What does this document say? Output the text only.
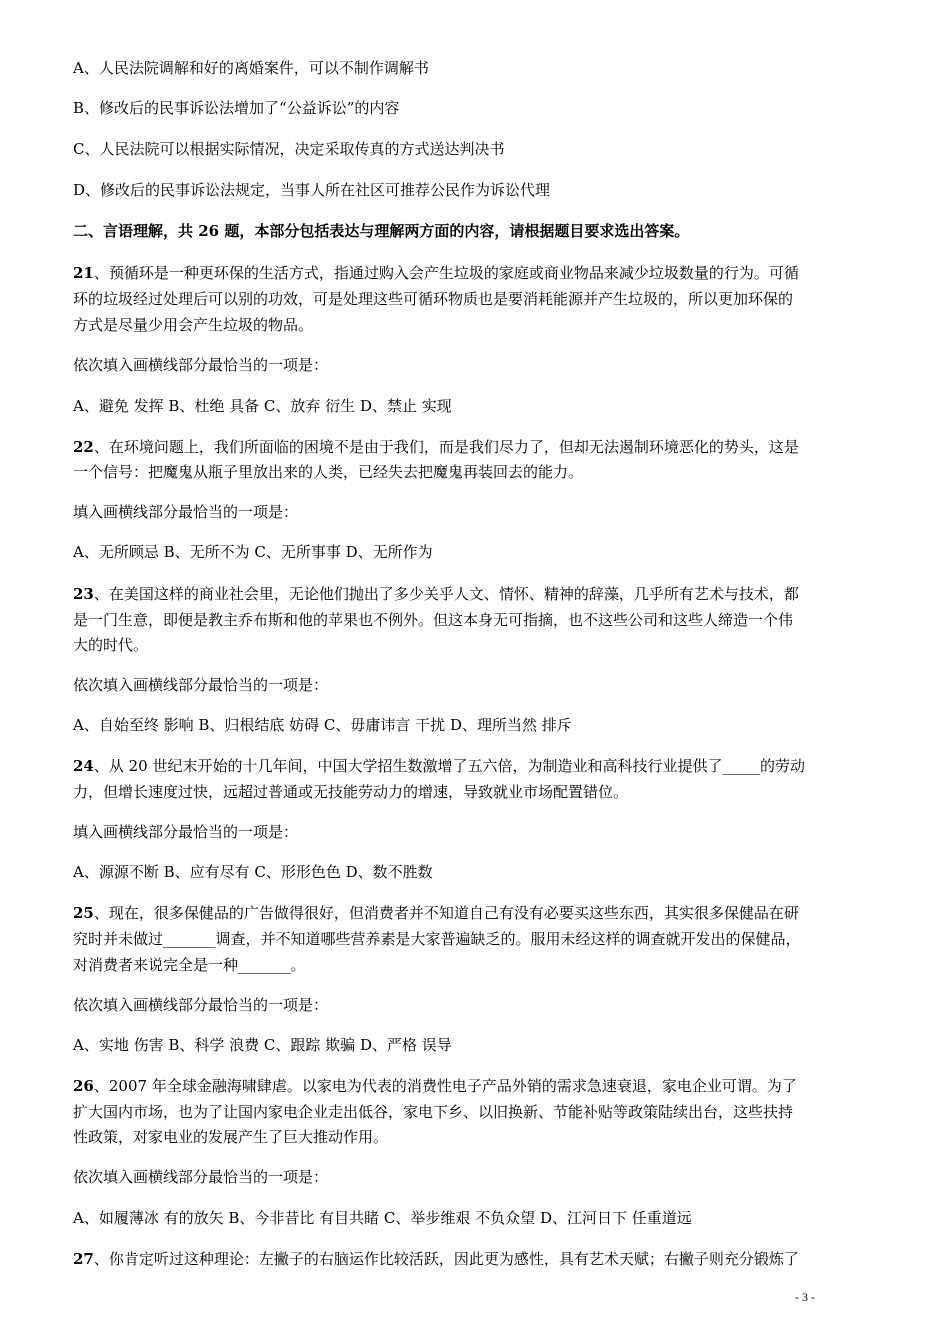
A、人民法院调解和好的离婚案件，可以不制作调解书
B、修改后的民事诉讼法增加了“公益诉讼”的内容
C、人民法院可以根据实际情况，决定采取传真的方式送达判决书
D、修改后的民事诉讼法规定，当事人所在社区可推荐公民作为诉讼代理
二、言语理解，共 26 题，本部分包括表达与理解两方面的内容，请根据题目要求选出答案。
21、预循环是一种更环保的生活方式，指通过购入会产生垃圾的家庭或商业物品来减少垃圾数量的行为。可循
环的垃圾经过处理后可以别的功效，可是处理这些可循环物质也是要消耗能源并产生垃圾的，所以更加环保的
方式是尽量少用会产生垃圾的物品。
依次填入画横线部分最恰当的一项是：
A、避免 发挥 B、杜绝 具备 C、放弃 衍生 D、禁止 实现
22、在环境问题上，我们所面临的困境不是由于我们，而是我们尽力了，但却无法遏制环境恶化的势头，这是
一个信号：把魔鬼从瓶子里放出来的人类，已经失去把魔鬼再装回去的能力。
填入画横线部分最恰当的一项是：
A、无所顾忌 B、无所不为 C、无所事事 D、无所作为
23、在美国这样的商业社会里，无论他们抛出了多少关乎人文、情怀、精神的辞藻，几乎所有艺术与技术，都
是一门生意，即便是教主乔布斯和他的苹果也不例外。但这本身无可指摘，也不这些公司和这些人缔造一个伟
大的时代。
依次填入画横线部分最恰当的一项是：
A、自始至终 影响 B、归根结底 妨碍 C、毋庸讳言 干扰 D、理所当然 排斥
24、从 20 世纪末开始的十几年间，中国大学招生数激增了五六倍，为制造业和高科技行业提供了_____的劳动
力，但增长速度过快，远超过普通或无技能劳动力的增速，导致就业市场配置错位。
填入画横线部分最恰当的一项是：
A、源源不断 B、应有尽有 C、形形色色 D、数不胜数
25、现在，很多保健品的广告做得很好，但消费者并不知道自己有没有必要买这些东西，其实很多保健品在研
究时并未做过_______调查，并不知道哪些营养素是大家普遍缺乏的。服用未经这样的调查就开发出的保健品，
对消费者来说完全是一种_______。
依次填入画横线部分最恰当的一项是：
A、实地 伤害 B、科学 浪费 C、跟踪 欺骗 D、严格 误导
26、2007 年全球金融海啸肆虐。以家电为代表的消费性电子产品外销的需求急速衰退，家电企业可谓。为了
扩大国内市场，也为了让国内家电企业走出低谷，家电下乡、以旧换新、节能补贴等政策陆续出台，这些扶持
性政策，对家电业的发展产生了巨大推动作用。
依次填入画横线部分最恰当的一项是：
A、如履薄冰 有的放矢 B、今非昔比 有目共睹 C、举步维艰 不负众望 D、江河日下 任重道远
27、你肯定听过这种理论：左撇子的右脑运作比较活跃，因此更为感性，具有艺术天赋；右撇子则充分锻炼了
- 3 -
